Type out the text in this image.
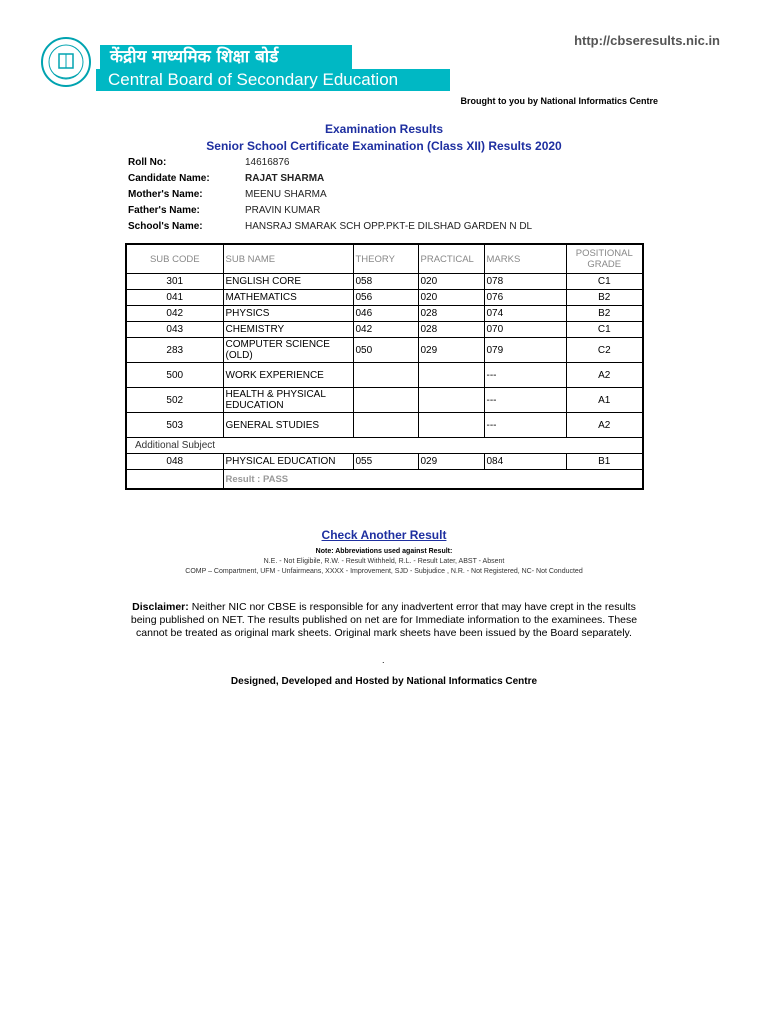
http://cbseresults.nic.in
केंद्रीय माध्यमिक शिक्षा बोर्ड
Central Board of Secondary Education
Brought to you by National Informatics Centre
Examination Results
Senior School Certificate Examination (Class XII) Results 2020
Roll No:	14616876
Candidate Name:	RAJAT SHARMA
Mother's Name:	MEENU SHARMA
Father's Name:	PRAVIN KUMAR
School's Name:	HANSRAJ SMARAK SCH OPP.PKT-E DILSHAD GARDEN N DL
SUB CODE	SUB NAME	THEORY	PRACTICAL	MARKS	POSITIONAL GRADE
301	ENGLISH CORE	058	020	078	C1
041	MATHEMATICS	056	020	076	B2
042	PHYSICS	046	028	074	B2
043	CHEMISTRY	042	028	070	C1
283	COMPUTER SCIENCE (OLD)	050	029	079	C2
500	WORK EXPERIENCE			---	A2
502	HEALTH & PHYSICAL EDUCATION			---	A1
503	GENERAL STUDIES			---	A2
Additional Subject					
048	PHYSICAL EDUCATION	055	029	084	B1
	Result : PASS				
Check Another Result
Note: Abbreviations used against Result:
N.E. - Not Eligibile, R.W. - Result Withheld, R.L. - Result Later, ABST - Absent
COMP – Compartment, UFM - Unfairmeans, XXXX - Improvement, SJD - Subjudice , N.R. - Not Registered, NC- Not Conducted
Disclaimer: Neither NIC nor CBSE is responsible for any inadvertent error that may have crept in the results being published on NET. The results published on net are for Immediate information to the examinees. These cannot be treated as original mark sheets. Original mark sheets have been issued by the Board separately.
.
Designed, Developed and Hosted by National Informatics Centre
